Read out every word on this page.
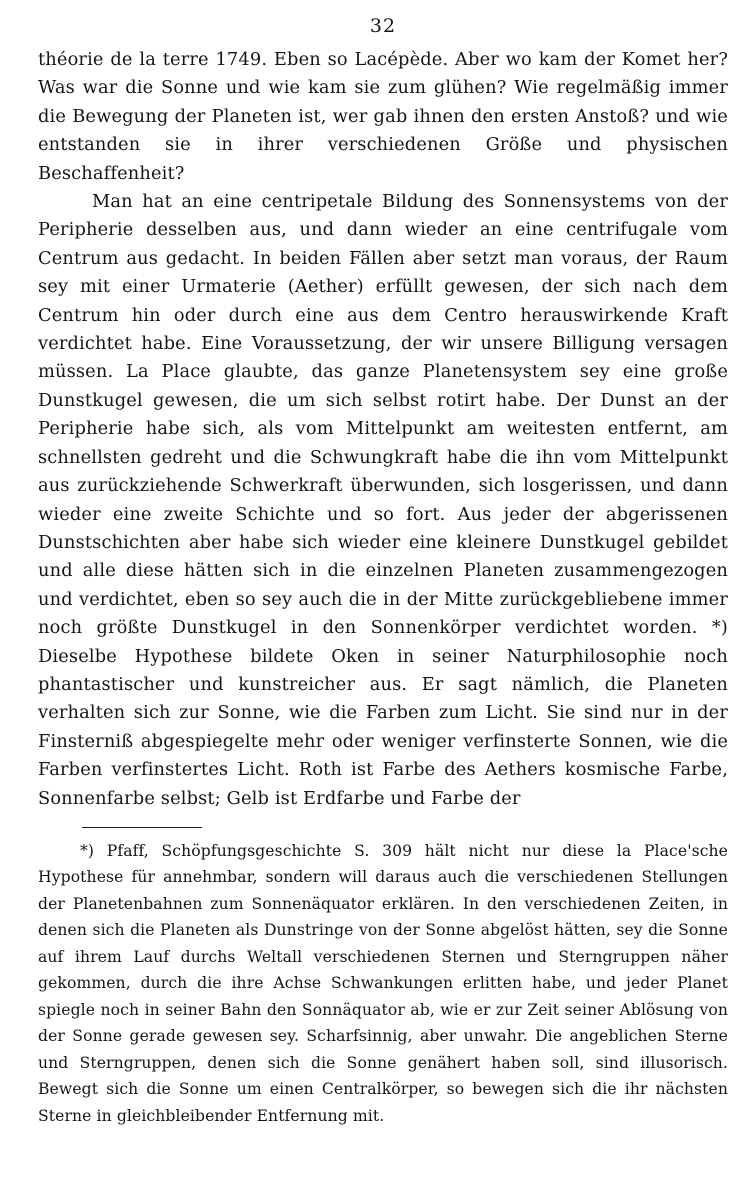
32

théorie de la terre 1749. Eben so Lacépède. Aber wo kam der Komet her? Was war die Sonne und wie kam sie zum glühen? Wie regelmäßig immer die Bewegung der Planeten ist, wer gab ihnen den ersten Anstoß? und wie entstanden sie in ihrer verschiedenen Größe und physischen Beschaffenheit?

Man hat an eine centripetale Bildung des Sonnensystems von der Peripherie desselben aus, und dann wieder an eine centrifugale vom Centrum aus gedacht. In beiden Fällen aber setzt man voraus, der Raum sey mit einer Urmaterie (Aether) erfüllt gewesen, der sich nach dem Centrum hin oder durch eine aus dem Centro herauswirkende Kraft verdichtet habe. Eine Voraussetzung, der wir unsere Billigung versagen müssen. La Place glaubte, das ganze Planetensystem sey eine große Dunstkugel gewesen, die um sich selbst rotirt habe. Der Dunst an der Peripherie habe sich, als vom Mittelpunkt am weitesten entfernt, am schnellsten gedreht und die Schwungkraft habe die ihn vom Mittelpunkt aus zurückziehende Schwerkraft überwunden, sich losgerissen, und dann wieder eine zweite Schichte und so fort. Aus jeder der abgerissenen Dunstschichten aber habe sich wieder eine kleinere Dunstkugel gebildet und alle diese hätten sich in die einzelnen Planeten zusammengezogen und verdichtet, eben so sey auch die in der Mitte zurückgebliebene immer noch größte Dunstkugel in den Sonnenkörper verdichtet worden. *) Dieselbe Hypothese bildete Oken in seiner Naturphilosophie noch phantastischer und kunstreicher aus. Er sagt nämlich, die Planeten verhalten sich zur Sonne, wie die Farben zum Licht. Sie sind nur in der Finsterniß abgespiegelte mehr oder weniger verfinsterte Sonnen, wie die Farben verfinstertes Licht. Roth ist Farbe des Aethers kosmische Farbe, Sonnenfarbe selbst; Gelb ist Erdfarbe und Farbe der

*) Pfaff, Schöpfungsgeschichte S. 309 hält nicht nur diese la Place'sche Hypothese für annehmbar, sondern will daraus auch die verschiedenen Stellungen der Planetenbahnen zum Sonnenäquator erklären. In den verschiedenen Zeiten, in denen sich die Planeten als Dunstringe von der Sonne abgelöst hätten, sey die Sonne auf ihrem Lauf durchs Weltall verschiedenen Sternen und Sterngruppen näher gekommen, durch die ihre Achse Schwankungen erlitten habe, und jeder Planet spiegle noch in seiner Bahn den Sonnäquator ab, wie er zur Zeit seiner Ablösung von der Sonne gerade gewesen sey. Scharfsinnig, aber unwahr. Die angeblichen Sterne und Sterngruppen, denen sich die Sonne genähert haben soll, sind illusorisch. Bewegt sich die Sonne um einen Centralkörper, so bewegen sich die ihr nächsten Sterne in gleichbleibender Entfernung mit.
